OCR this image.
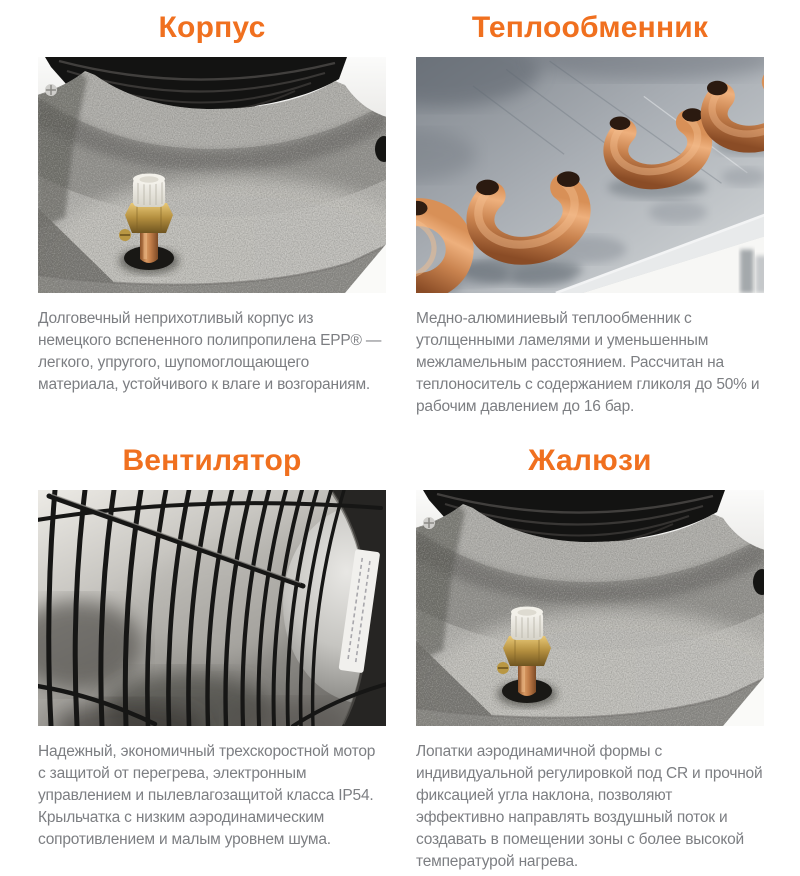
Корпус

Долговечный неприхотливый корпус из немецкого вспененного полипропилена EPP® — легкого, упругого, шупомоглощающего материала, устойчивого к влаге и возгораниям.

Теплообменник

Медно-алюминиевый теплообменник с утолщенными ламелями и уменьшенным межламельным расстоянием. Рассчитан на теплоноситель с содержанием гликоля до 50% и рабочим давлением до 16 бар.

Вентилятор

Надежный, экономичный трехскоростной мотор с защитой от перегрева, электронным управлением и пылевлагозащитой класса IP54. Крыльчатка с низким аэродинамическим сопротивлением и малым уровнем шума.

Жалюзи

Лопатки аэродинамичной формы с индивидуальной регулировкой под CR и прочной фиксацией угла наклона, позволяют эффективно направлять воздушный поток и создавать в помещении зоны с более высокой температурой нагрева.
